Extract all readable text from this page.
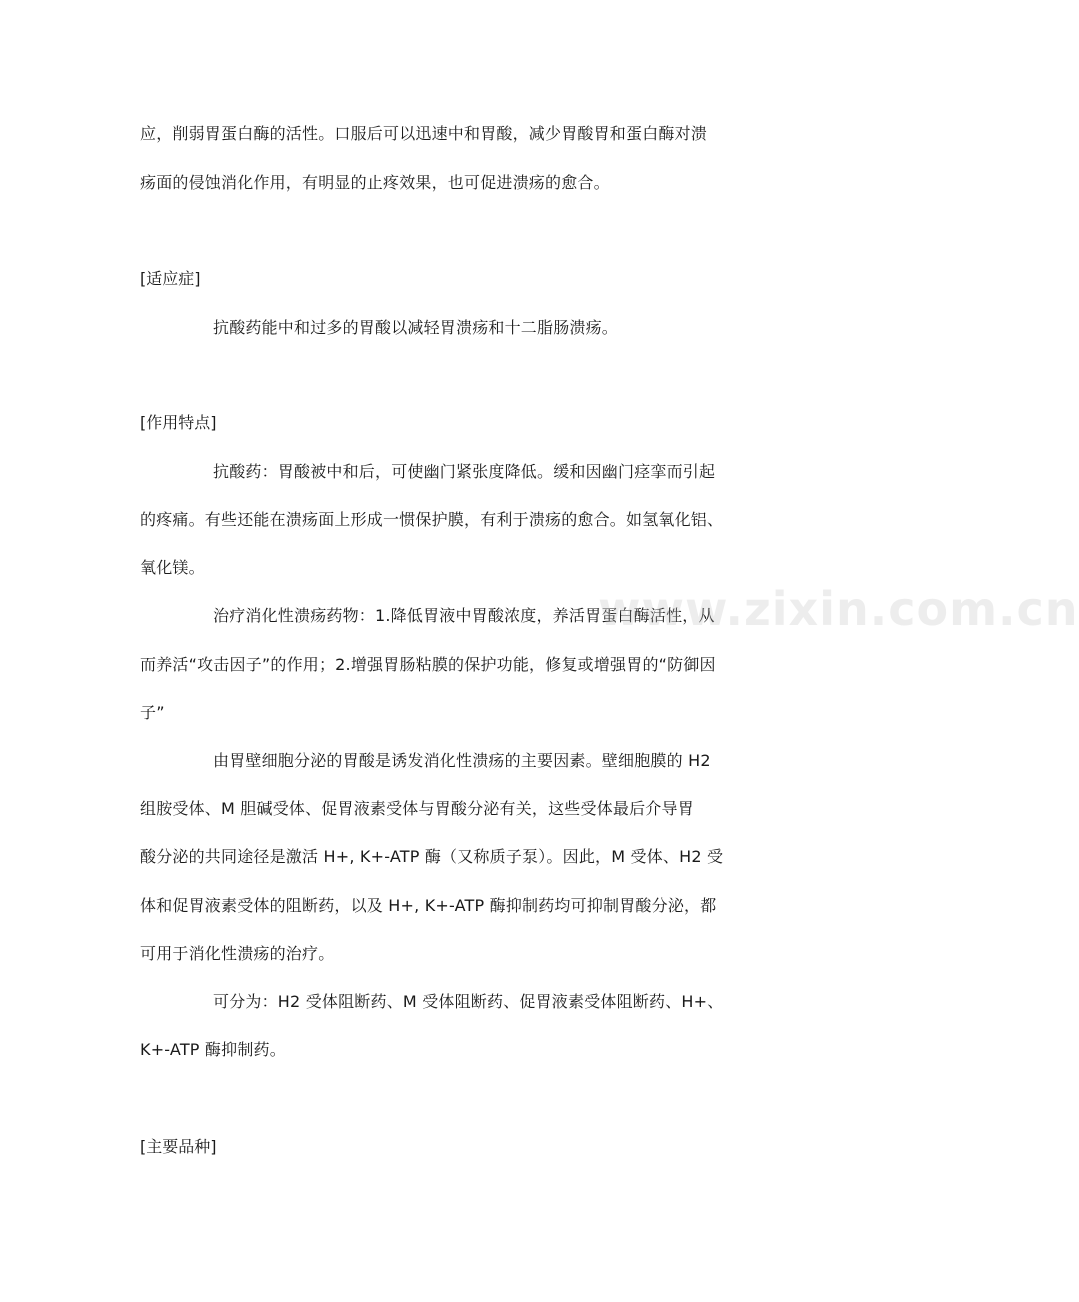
应，削弱胃蛋白酶的活性。口服后可以迅速中和胃酸，减少胃酸胃和蛋白酶对溃
疡面的侵蚀消化作用，有明显的止疼效果，也可促进溃疡的愈合。
[适应症]
抗酸药能中和过多的胃酸以减轻胃溃疡和十二脂肠溃疡。
[作用特点]
抗酸药：胃酸被中和后，可使幽门紧张度降低。缓和因幽门痉挛而引起
的疼痛。有些还能在溃疡面上形成一惯保护膜，有利于溃疡的愈合。如氢氧化铝、
氧化镁。
治疗消化性溃疡药物：1.降低胃液中胃酸浓度，养活胃蛋白酶活性，从
而养活“攻击因子”的作用；2.增强胃肠粘膜的保护功能，修复或增强胃的“防御因
子”
由胃壁细胞分泌的胃酸是诱发消化性溃疡的主要因素。壁细胞膜的 H2
组胺受体、M 胆碱受体、促胃液素受体与胃酸分泌有关，这些受体最后介导胃
酸分泌的共同途径是激活 H+, K+-ATP 酶（又称质子泵）。因此，M 受体、H2 受
体和促胃液素受体的阻断药，以及 H+, K+-ATP 酶抑制药均可抑制胃酸分泌，都
可用于消化性溃疡的治疗。
可分为：H2 受体阻断药、M 受体阻断药、促胃液素受体阻断药、H+、
K+-ATP 酶抑制药。
[主要品种]
www.zixin.com.cn
